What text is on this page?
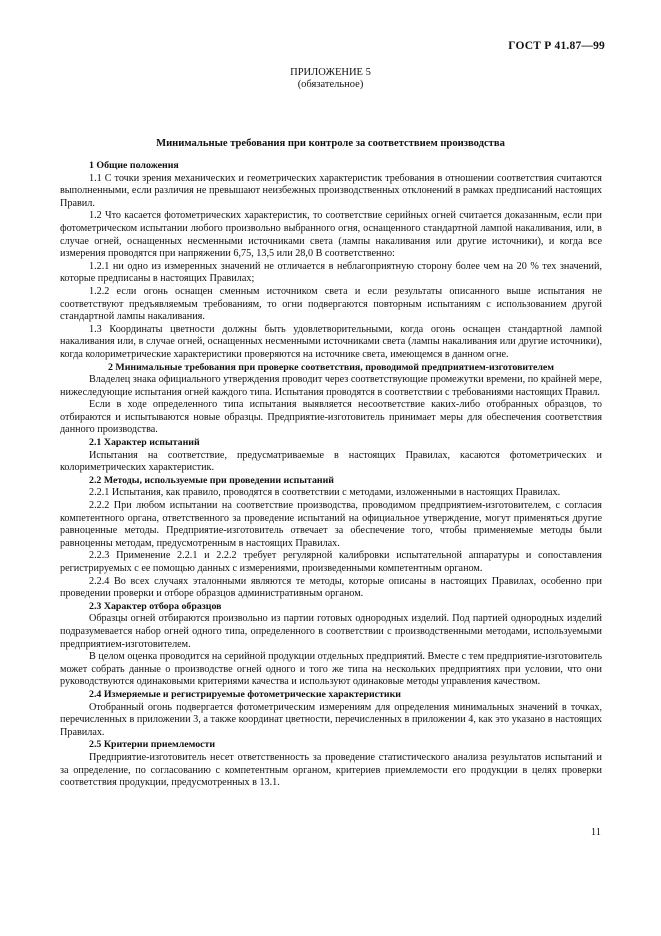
ГОСТ Р 41.87—99
ПРИЛОЖЕНИЕ 5
(обязательное)
Минимальные требования при контроле за соответствием производства

1 Общие положения

1.1 С точки зрения механических и геометрических характеристик требования в отношении соответствия считаются выполненными, если различия не превышают неизбежных производственных отклонений в рамках предписаний настоящих Правил.

1.2 Что касается фотометрических характеристик, то соответствие серийных огней считается доказанным, если при фотометрическом испытании любого произвольно выбранного огня, оснащенного стандартной лампой накаливания, или, в случае огней, оснащенных несменными источниками света (лампы накаливания или другие источники), и когда все измерения проводятся при напряжении 6,75, 13,5 или 28,0 В соответственно:

1.2.1 ни одно из измеренных значений не отличается в неблагоприятную сторону более чем на 20 % тех значений, которые предписаны в настоящих Правилах;

1.2.2 если огонь оснащен сменным источником света и если результаты описанного выше испытания не соответствуют предъявляемым требованиям, то огни подвергаются повторным испытаниям с использованием другой стандартной лампы накаливания.

1.3 Координаты цветности должны быть удовлетворительными, когда огонь оснащен стандартной лампой накаливания или, в случае огней, оснащенных несменными источниками света (лампы накаливания или другие источники), когда колориметрические характеристики проверяются на источнике света, имеющемся в данном огне.

2 Минимальные требования при проверке соответствия, проводимой предприятием-изготовителем

Владелец знака официального утверждения проводит через соответствующие промежутки времени, по крайней мере, нижеследующие испытания огней каждого типа. Испытания проводятся в соответствии с требованиями настоящих Правил.

Если в ходе определенного типа испытания выявляется несоответствие каких-либо отобранных образцов, то отбираются и испытываются новые образцы. Предприятие-изготовитель принимает меры для обеспечения соответствия данного производства.

2.1 Характер испытаний

Испытания на соответствие, предусматриваемые в настоящих Правилах, касаются фотометрических и колориметрических характеристик.

2.2 Методы, используемые при проведении испытаний

2.2.1 Испытания, как правило, проводятся в соответствии с методами, изложенными в настоящих Правилах.

2.2.2 При любом испытании на соответствие производства, проводимом предприятием-изготовителем, с согласия компетентного органа, ответственного за проведение испытаний на официальное утверждение, могут применяться другие равноценные методы. Предприятие-изготовитель отвечает за обеспечение того, чтобы применяемые методы были равноценны методам, предусмотренным в настоящих Правилах.

2.2.3 Применение 2.2.1 и 2.2.2 требует регулярной калибровки испытательной аппаратуры и сопоставления регистрируемых с ее помощью данных с измерениями, произведенными компетентным органом.

2.2.4 Во всех случаях эталонными являются те методы, которые описаны в настоящих Правилах, особенно при проведении проверки и отборе образцов административным органом.

2.3 Характер отбора образцов

Образцы огней отбираются произвольно из партии готовых однородных изделий. Под партией однородных изделий подразумевается набор огней одного типа, определенного в соответствии с производственными методами, используемыми предприятием-изготовителем.

В целом оценка проводится на серийной продукции отдельных предприятий. Вместе с тем предприятие-изготовитель может собрать данные о производстве огней одного и того же типа на нескольких предприятиях при условии, что они руководствуются одинаковыми критериями качества и используют одинаковые методы управления качеством.

2.4 Измеряемые и регистрируемые фотометрические характеристики

Отобранный огонь подвергается фотометрическим измерениям для определения минимальных значений в точках, перечисленных в приложении 3, а также координат цветности, перечисленных в приложении 4, как это указано в настоящих Правилах.

2.5 Критерии приемлемости

Предприятие-изготовитель несет ответственность за проведение статистического анализа результатов испытаний и за определение, по согласованию с компетентным органом, критериев приемлемости его продукции в целях проверки соответствия продукции, предусмотренных в 13.1.

11
